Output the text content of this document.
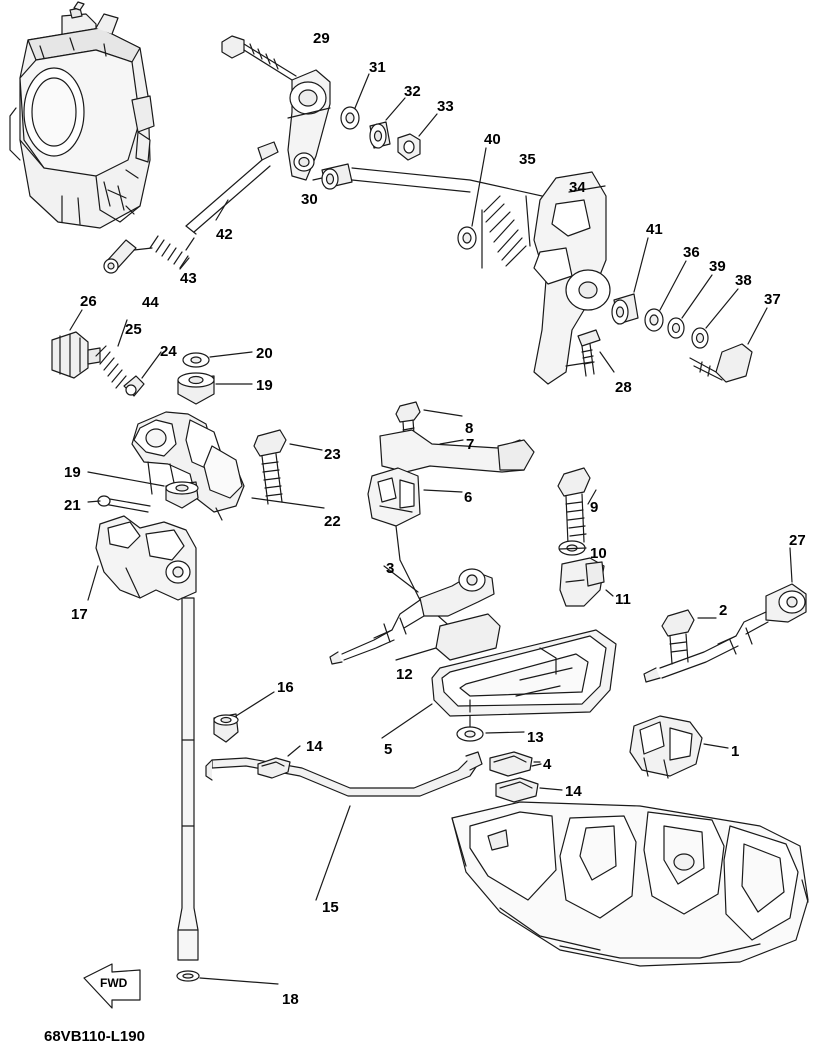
29
31
32
33
40
35
34
41
36
39
38
37
30
42
43
44
26
25
24	20
19	28
8
7
23
6
9
19
22
21
10
27
3
11
2
17
12
16
5
13
1
14
4
14
15
18
FWD
68VB110-L190
